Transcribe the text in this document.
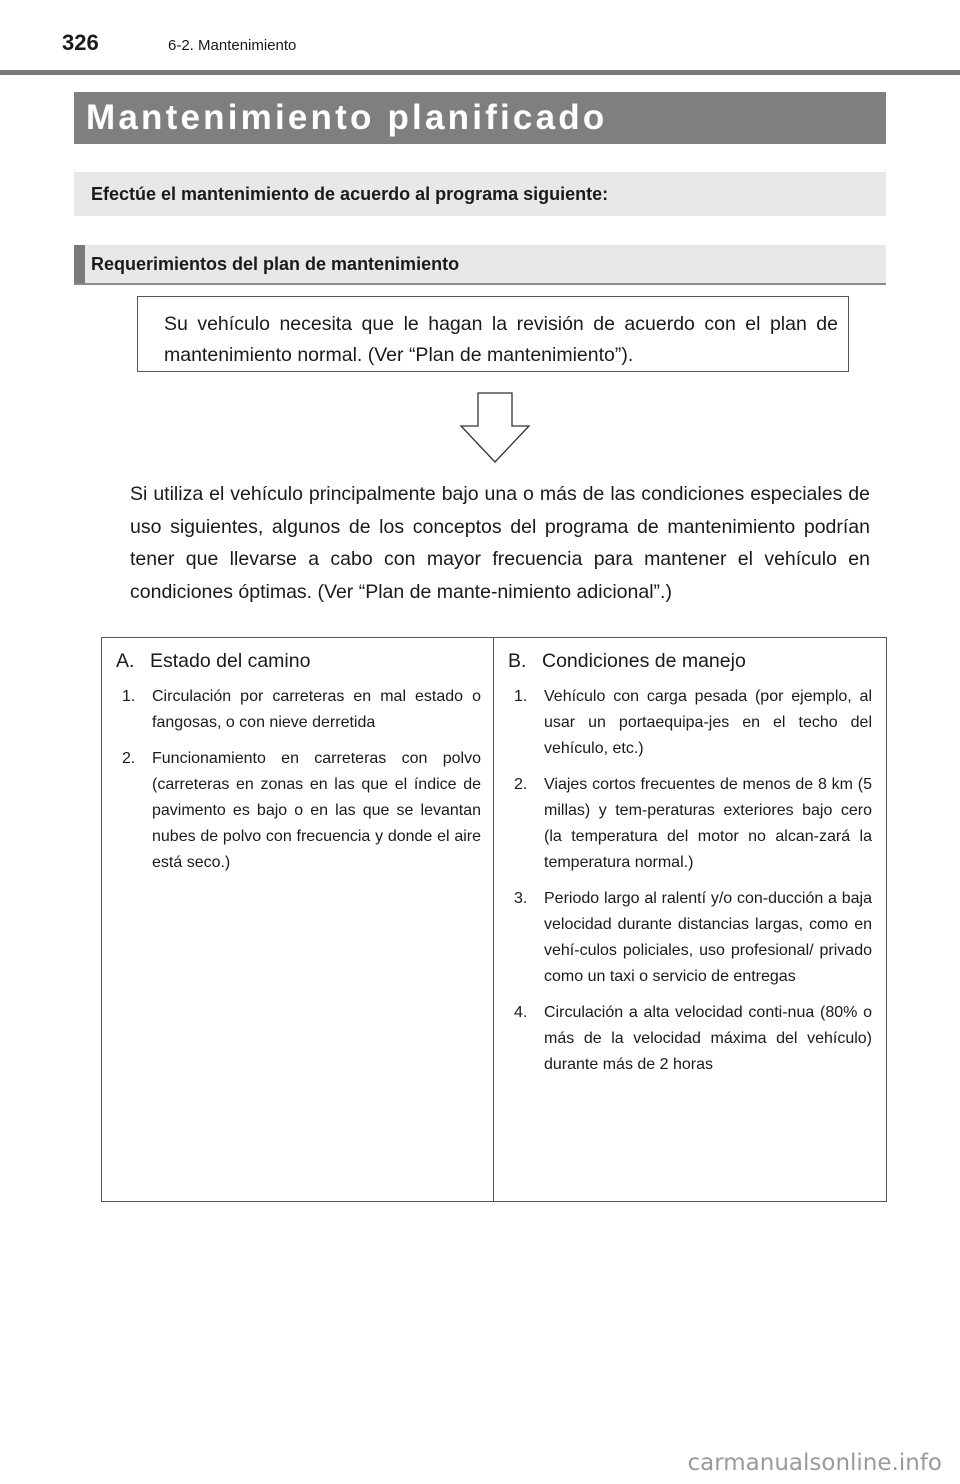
326	6-2. Mantenimiento
Mantenimiento planificado
Efectúe el mantenimiento de acuerdo al programa siguiente:
Requerimientos del plan de mantenimiento

Su vehículo necesita que le hagan la revisión de acuerdo con el plan de mantenimiento normal. (Ver “Plan de mantenimiento”).

Si utiliza el vehículo principalmente bajo una o más de las condiciones especiales de uso siguientes, algunos de los conceptos del programa de mantenimiento podrían tener que llevarse a cabo con mayor frecuencia para mantener el vehículo en condiciones óptimas. (Ver “Plan de mante-nimiento adicional”.)

A. Estado del camino
1.	Circulación por carreteras en mal estado o fangosas, o con nieve derretida
2.	Funcionamiento en carreteras con polvo (carreteras en zonas en las que el índice de pavimento es bajo o en las que se levantan nubes de polvo con frecuencia y donde el aire está seco.)
B. Condiciones de manejo
1.	Vehículo con carga pesada (por ejemplo, al usar un portaequipa-jes en el techo del vehículo, etc.)
2.	Viajes cortos frecuentes de menos de 8 km (5 millas) y tem-peraturas exteriores bajo cero (la temperatura del motor no alcan-zará la temperatura normal.)
3.	Periodo largo al ralentí y/o con-ducción a baja velocidad durante distancias largas, como en vehí-culos policiales, uso profesional/ privado como un taxi o servicio de entregas
4.	Circulación a alta velocidad conti-nua (80% o más de la velocidad máxima del vehículo) durante más de 2 horas
carmanualsonline.info
